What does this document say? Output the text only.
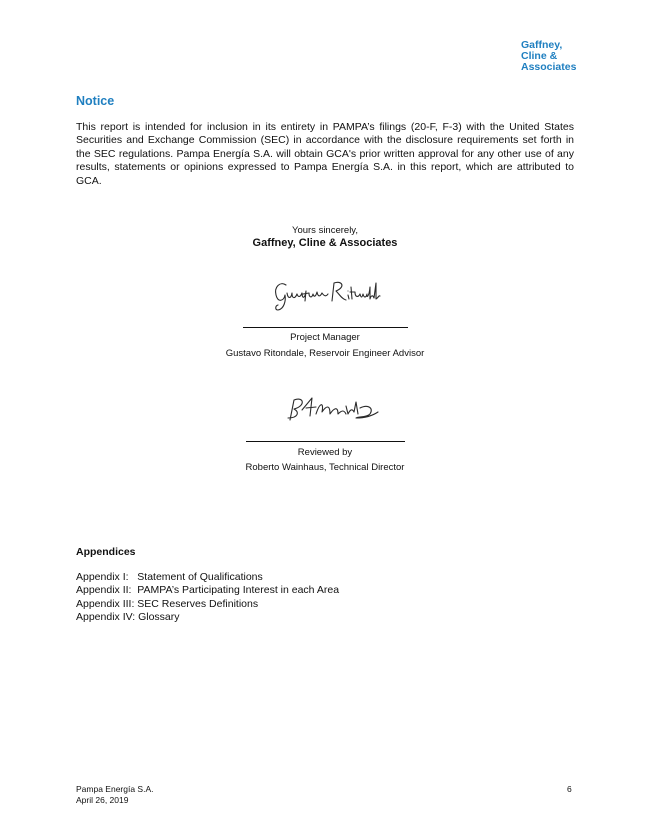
Gaffney,
Cline &
Associates
Notice

This report is intended for inclusion in its entirety in PAMPA’s filings (20-F, F-3) with the United States Securities and Exchange Commission (SEC) in accordance with the disclosure requirements set forth in the SEC regulations. Pampa Energía S.A. will obtain GCA's prior written approval for any other use of any results, statements or opinions expressed to Pampa Energía S.A. in this report, which are attributed to GCA.

Yours sincerely,
Gaffney, Cline & Associates
Project Manager
Gustavo Ritondale, Reservoir Engineer Advisor
Reviewed by
Roberto Wainhaus, Technical Director
Appendices
Appendix I:   Statement of Qualifications
Appendix II:  PAMPA’s Participating Interest in each Area
Appendix III: SEC Reserves Definitions
Appendix IV: Glossary
Pampa Energía S.A.
April 26, 2019
6
